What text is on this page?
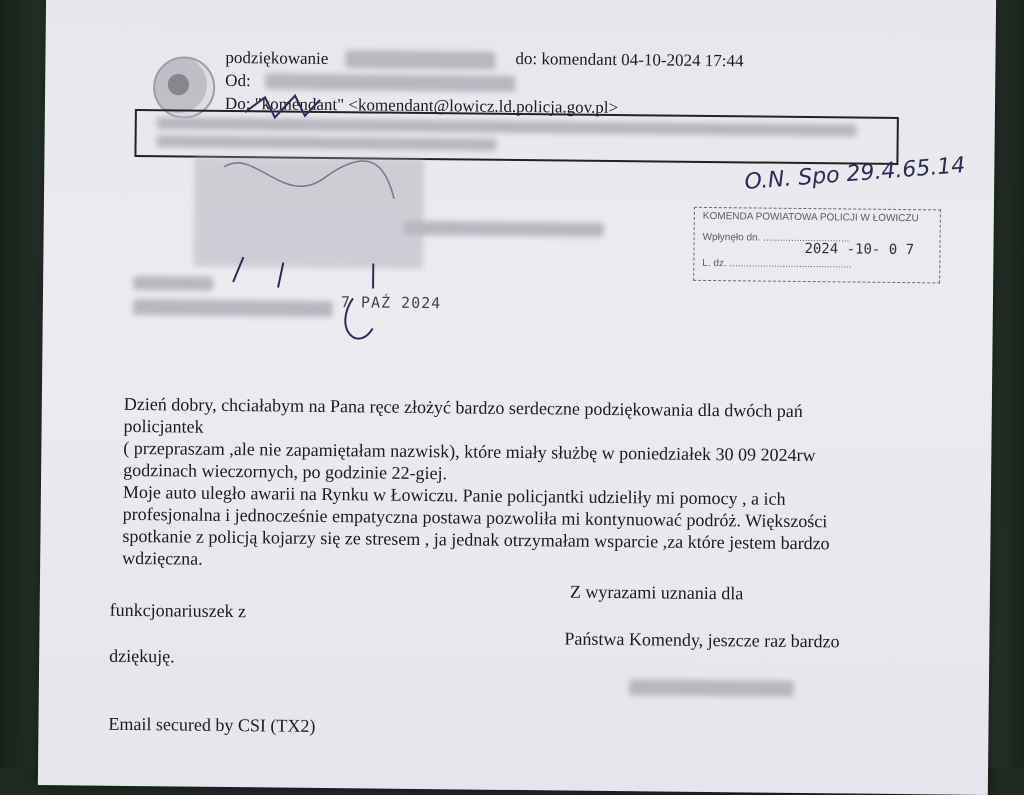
podziękowanie	do: komendant 04-10-2024 17:44
Od:
Do: "komendant" <komendant@lowicz.ld.policja.gov.pl>
7 PAŹ 2024
O.N. Spo 29.4.65.14
KOMENDA POWIATOWA POLICJI W ŁOWICZU
Wpłynęło dn. ...............................
2024 -10- 0 7
L. dz. ............................................
Dzień dobry, chciałabym na Pana ręce złożyć bardzo serdeczne podziękowania dla dwóch pań
policjantek
( przepraszam ,ale nie zapamiętałam nazwisk), które miały służbę w poniedziałek 30 09 2024rw
godzinach wieczornych, po godzinie 22-giej.
Moje auto uległo awarii na Rynku w Łowiczu. Panie policjantki udzieliły mi pomocy , a ich
profesjonalna i jednocześnie empatyczna postawa pozwoliła mi kontynuować podróż. Większości
spotkanie z policją kojarzy się ze stresem , ja jednak otrzymałam wsparcie ,za które jestem bardzo
wdzięczna.
Z wyrazami uznania dla
funkcjonariuszek z
Państwa Komendy, jeszcze raz bardzo
dziękuję.
Email secured by CSI (TX2)
